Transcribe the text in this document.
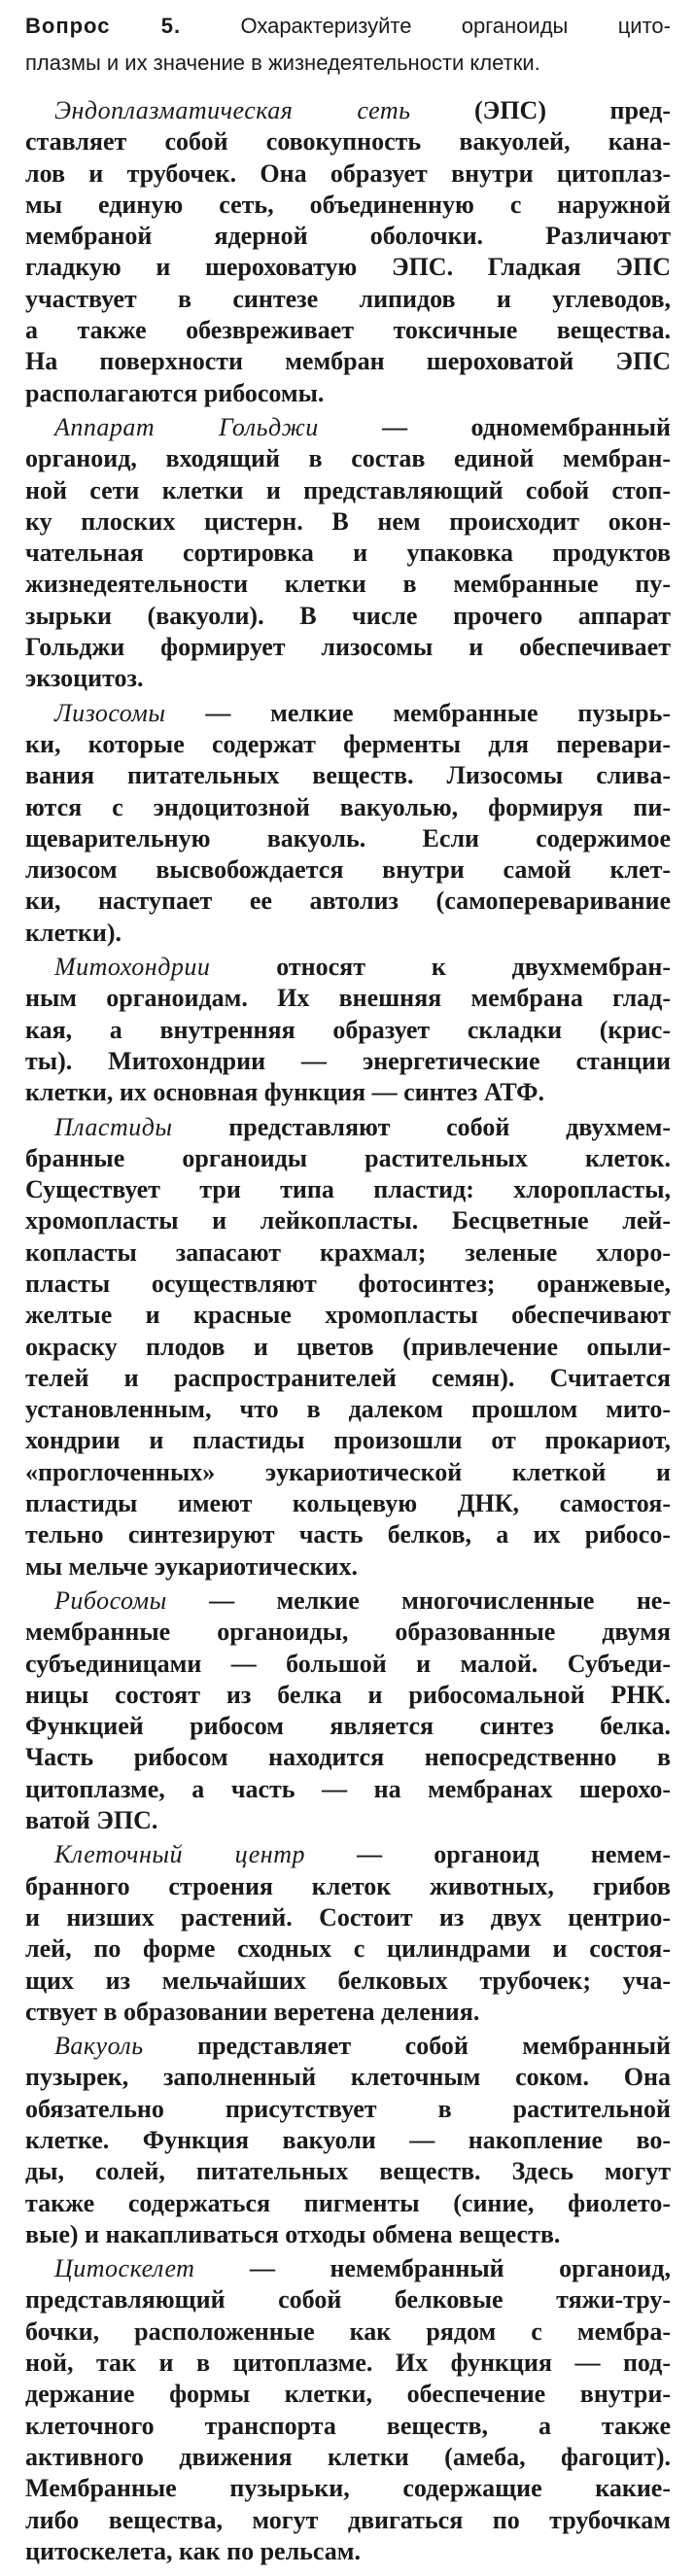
Вопрос 5.	Охарактеризуйте органоиды цито-
плазмы и их значение в жизнедеятельности клетки.
Эндоплазматическая сеть (ЭПС) пред-
ставляет собой совокупность вакуолей, кана-
лов и трубочек. Она образует внутри цитоплаз-
мы единую сеть, объединенную с наружной
мембраной ядерной оболочки. Различают
гладкую и шероховатую ЭПС. Гладкая ЭПС
участвует в синтезе липидов и углеводов,
а также обезвреживает токсичные вещества.
На поверхности мембран шероховатой ЭПС
располагаются рибосомы.
Аппарат Гольджи — одномембранный
органоид, входящий в состав единой мембран-
ной сети клетки и представляющий собой стоп-
ку плоских цистерн. В нем происходит окон-
чательная сортировка и упаковка продуктов
жизнедеятельности клетки в мембранные пу-
зырьки (вакуоли). В числе прочего аппарат
Гольджи формирует лизосомы и обеспечивает
экзоцитоз.
Лизосомы — мелкие мембранные пузырь-
ки, которые содержат ферменты для перевари-
вания питательных веществ. Лизосомы слива-
ются с эндоцитозной вакуолью, формируя пи-
щеварительную вакуоль. Если содержимое
лизосом высвобождается внутри самой клет-
ки, наступает ее автолиз (самопереваривание
клетки).
Митохондрии относят к двухмембран-
ным органоидам. Их внешняя мембрана глад-
кая, а внутренняя образует складки (крис-
ты). Митохондрии — энергетические станции
клетки, их основная функция — синтез АТФ.
Пластиды представляют собой двухмем-
бранные органоиды растительных клеток.
Существует три типа пластид: хлоропласты,
хромопласты и лейкопласты. Бесцветные лей-
копласты запасают крахмал; зеленые хлоро-
пласты осуществляют фотосинтез; оранжевые,
желтые и красные хромопласты обеспечивают
окраску плодов и цветов (привлечение опыли-
телей и распространителей семян). Считается
установленным, что в далеком прошлом мито-
хондрии и пластиды произошли от прокариот,
«проглоченных» эукариотической клеткой и
пластиды имеют кольцевую ДНК, самостоя-
тельно синтезируют часть белков, а их рибосо-
мы мельче эукариотических.
Рибосомы — мелкие многочисленные не-
мембранные органоиды, образованные двумя
субъединицами — большой и малой. Субъеди-
ницы состоят из белка и рибосомальной РНК.
Функцией рибосом является синтез белка.
Часть рибосом находится непосредственно в
цитоплазме, а часть — на мембранах шерохо-
ватой ЭПС.
Клеточный центр — органоид немем-
бранного строения клеток животных, грибов
и низших растений. Состоит из двух центрио-
лей, по форме сходных с цилиндрами и состоя-
щих из мельчайших белковых трубочек; уча-
ствует в образовании веретена деления.
Вакуоль представляет собой мембранный
пузырек, заполненный клеточным соком. Она
обязательно присутствует в растительной
клетке. Функция вакуоли — накопление во-
ды, солей, питательных веществ. Здесь могут
также содержаться пигменты (синие, фиолето-
вые) и накапливаться отходы обмена веществ.
Цитоскелет — немембранный органоид,
представляющий собой белковые тяжи-тру-
бочки, расположенные как рядом с мембра-
ной, так и в цитоплазме. Их функция — под-
держание формы клетки, обеспечение внутри-
клеточного транспорта веществ, а также
активного движения клетки (амеба, фагоцит).
Мембранные пузырьки, содержащие какие-
либо вещества, могут двигаться по трубочкам
цитоскелета, как по рельсам.
